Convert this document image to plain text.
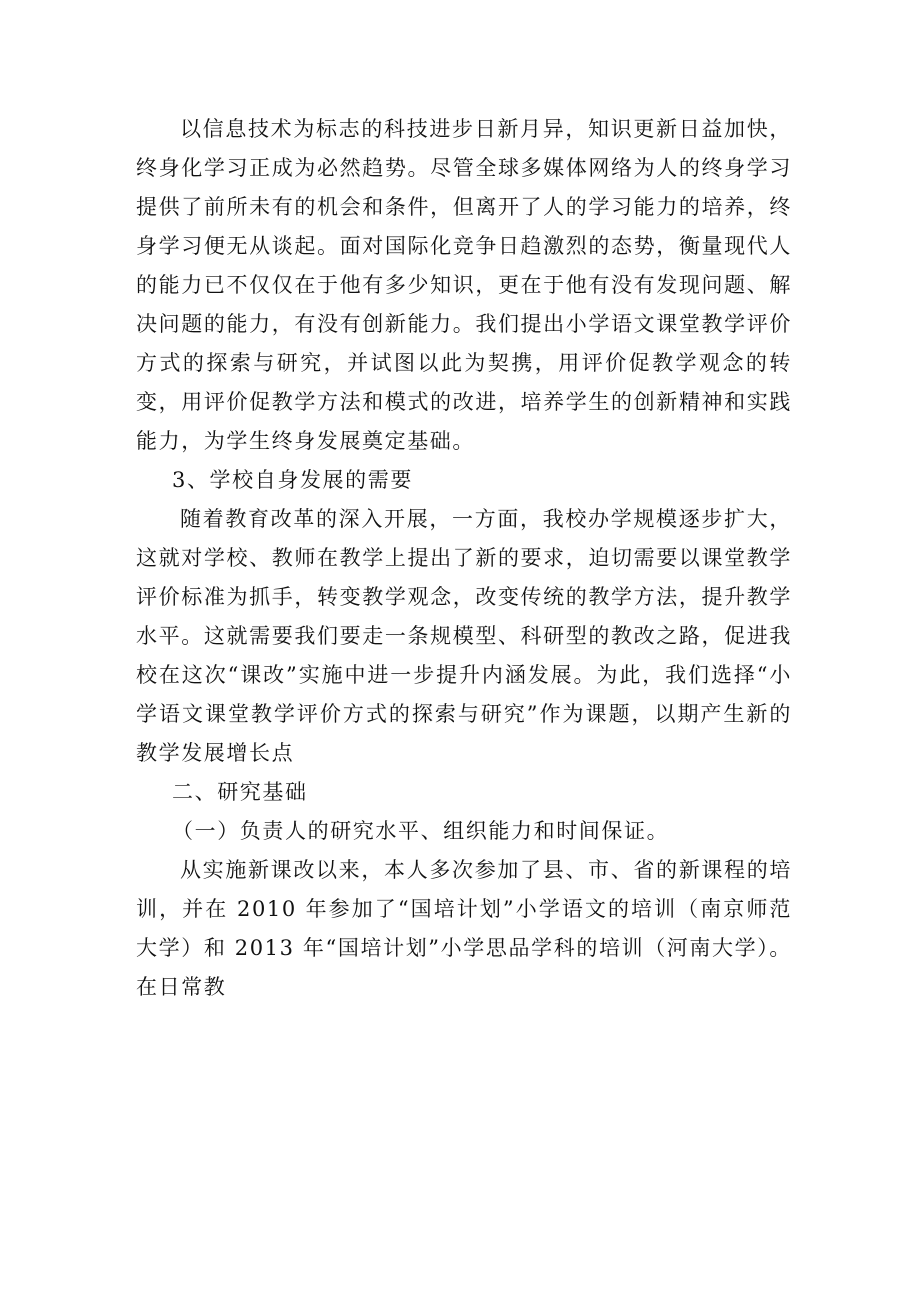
以信息技术为标志的科技进步日新月异，知识更新日益加快，终身化学习正成为必然趋势。尽管全球多媒体网络为人的终身学习提供了前所未有的机会和条件，但离开了人的学习能力的培养，终身学习便无从谈起。面对国际化竞争日趋激烈的态势，衡量现代人的能力已不仅仅在于他有多少知识，更在于他有没有发现问题、解决问题的能力，有没有创新能力。我们提出小学语文课堂教学评价方式的探索与研究，并试图以此为契携，用评价促教学观念的转变，用评价促教学方法和模式的改进，培养学生的创新精神和实践能力，为学生终身发展奠定基础。

3、学校自身发展的需要

随着教育改革的深入开展，一方面，我校办学规模逐步扩大，这就对学校、教师在教学上提出了新的要求，迫切需要以课堂教学评价标准为抓手，转变教学观念，改变传统的教学方法，提升教学水平。这就需要我们要走一条规模型、科研型的教改之路，促进我校在这次“课改”实施中进一步提升内涵发展。为此，我们选择“小学语文课堂教学评价方式的探索与研究”作为课题，以期产生新的教学发展增长点

二、研究基础

（一）负责人的研究水平、组织能力和时间保证。

从实施新课改以来，本人多次参加了县、市、省的新课程的培训，并在 2010 年参加了“国培计划”小学语文的培训（南京师范大学）和 2013 年“国培计划”小学思品学科的培训（河南大学）。在日常教
